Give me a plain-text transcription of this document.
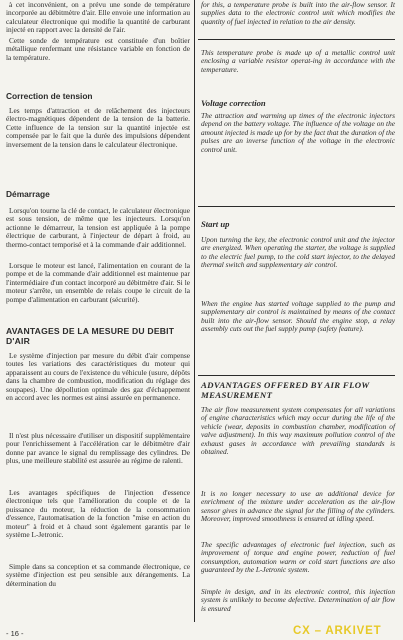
à cet inconvénient, on a prévu une sonde de température incorporée au débitmètre d'air. Elle envoie une information au calculateur électronique qui modifie la quantité de carburant injecté en rapport avec la densité de l'air.

Cette sonde de température est constituée d'un boîtier métallique renfermant une résistance variable en fonction de la température.

Correction de tension

Les temps d'attraction et de relâchement des injecteurs électro-magnétiques dépendent de la tension de la batterie. Cette influence de la tension sur la quantité injectée est compensée par le fait que la durée des impulsions dépendent inversement de la tension dans le calculateur électronique.

Démarrage

Lorsqu'on tourne la clé de contact, le calculateur électronique est sous tension, de même que les injecteurs. Lorsqu'on actionne le démarreur, la tension est appliquée à la pompe électrique de carburant, à l'injecteur de départ à froid, au thermo-contact temporisé et à la commande d'air additionnel.

Lorsque le moteur est lancé, l'alimentation en courant de la pompe et de la commande d'air additionnel est maintenue par l'intermédiaire d'un contact incorporé au débitmètre d'air. Si le moteur s'arrête, un ensemble de relais coupe le circuit de la pompe d'alimentation en carburant (sécurité).

AVANTAGES DE LA MESURE DU DEBIT D'AIR

Le système d'injection par mesure du débit d'air compense toutes les variations des caractéristiques du moteur qui apparaissent au cours de l'existence du véhicule (usure, dépôts dans la chambre de combustion, modification du réglage des soupapes). Une dépollution optimale des gaz d'échappement en accord avec les normes est ainsi assurée en permanence.

Il n'est plus nécessaire d'utiliser un dispositif supplémentaire pour l'enrichissement à l'accélération car le débitmètre d'air donne par avance le signal du remplissage des cylindres. De plus, une meilleure stabilité est assurée au régime de ralenti.

Les avantages spécifiques de l'injection d'essence électronique tels que l'amélioration du couple et de la puissance du moteur, la réduction de la consommation d'essence, l'automatisation de la fonction "mise en action du moteur" à froid et à chaud sont également garantis par le système L-Jetronic.

Simple dans sa conception et sa commande électronique, ce système d'injection est peu sensible aux dérangements. La détermination du

for this, a temperature probe is built into the air-flow sensor. It supplies data to the electronic control unit which modifies the quantity of fuel injected in relation to the air density.

This temperature probe is made up of a metallic control unit enclosing a variable resistor operat-ing in accordance with the temperature.

Voltage correction

The attraction and warming up times of the electronic injectors depend on the battery voltage. The influence of the voltage on the amount injected is made up for by the fact that the duration of the pulses are an inverse function of the voltage in the electronic control unit.

Start up

Upon turning the key, the electronic control unit and the injector are energized. When operating the starter, the voltage is supplied to the electric fuel pump, to the cold start injector, to the delayed thermal switch and supplementary air control.

When the engine has started voltage supplied to the pump and supplementary air control is maintained by means of the contact built into the air-flow sensor. Should the engine stop, a relay assembly cuts out the fuel supply pump (safety feature).

ADVANTAGES OFFERED BY AIR FLOW MEASUREMENT

The air flow measurement system compensates for all variations of engine characteristics which may occur during the life of the vehicle (wear, deposits in combustion chamber, modification of valve adjustment). In this way maximum pollution control of the exhaust gases in accordance with prevailing standards is obtained.

It is no longer necessary to use an additional device for enrichment of the mixture under acceleration as the air-flow sensor gives in advance the signal for the filling of the cylinders. Moreover, improved smoothness is ensured at idling speed.

The specific advantages of electronic fuel injection, such as improvement of torque and engine power, reduction of fuel consumption, automation warm or cold start functions are also guaranteed by the L-Jetronic system.

Simple in design, and in its electronic control, this injection system is unlikely to become defective. Determination of air flow is ensured

- 16 -	CX – ARKIVET
